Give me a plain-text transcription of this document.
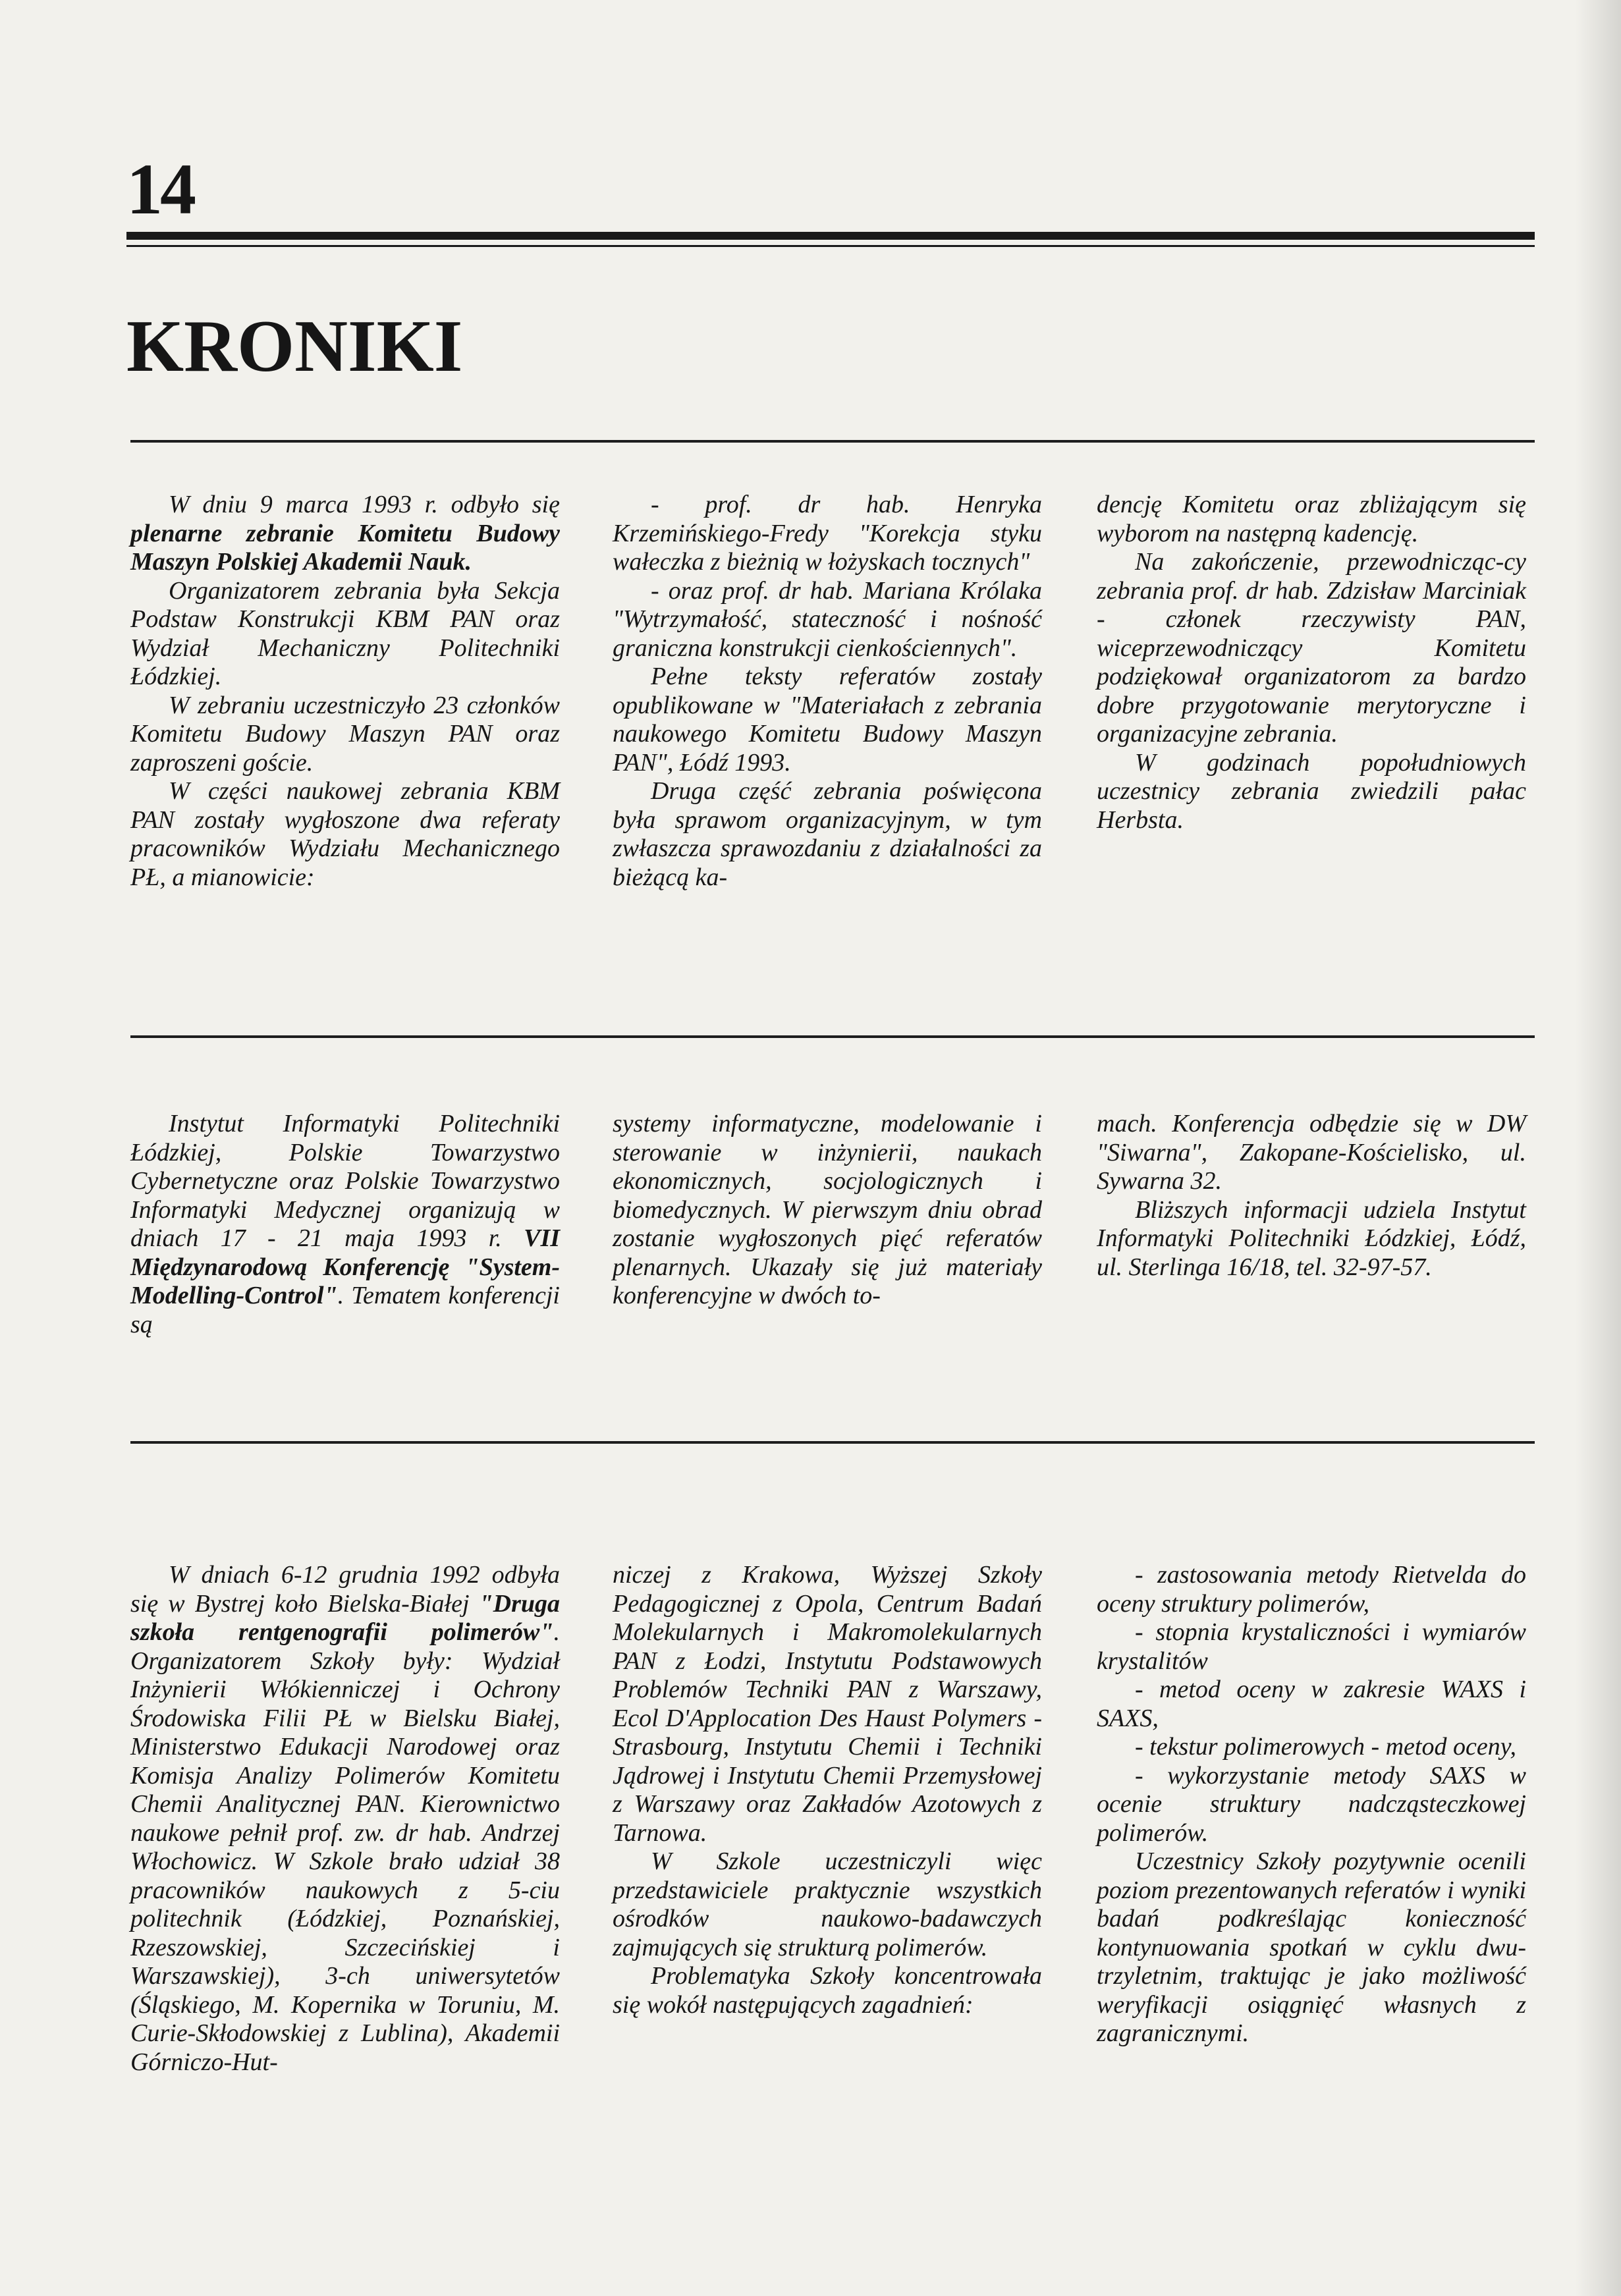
14
KRONIKI

W dniu 9 marca 1993 r. odbyło się plenarne zebranie Komitetu Budowy Maszyn Polskiej Akademii Nauk.

Organizatorem zebrania była Sekcja Podstaw Konstrukcji KBM PAN oraz Wydział Mechaniczny Politechniki Łódzkiej.

W zebraniu uczestniczyło 23 członków Komitetu Budowy Maszyn PAN oraz zaproszeni goście.

W części naukowej zebrania KBM PAN zostały wygłoszone dwa referaty pracowników Wydziału Mechanicznego PŁ, a mianowicie:

- prof. dr hab. Henryka Krzemińskiego-Fredy "Korekcja styku wałeczka z bieżnią w łożyskach tocznych"

- oraz prof. dr hab. Mariana Królaka "Wytrzymałość, stateczność i nośność graniczna konstrukcji cienkościennych".

Pełne teksty referatów zostały opublikowane w "Materiałach z zebrania naukowego Komitetu Budowy Maszyn PAN", Łódź 1993.

Druga część zebrania poświęcona była sprawom organizacyjnym, w tym zwłaszcza sprawozdaniu z działalności za bieżącą ka-

dencję Komitetu oraz zbliżającym się wyborom na następną kadencję.

Na zakończenie, przewodnicząc-cy zebrania prof. dr hab. Zdzisław Marciniak - członek rzeczywisty PAN, wiceprzewodniczący Komitetu podziękował organizatorom za bardzo dobre przygotowanie merytoryczne i organizacyjne zebrania.

W godzinach popołudniowych uczestnicy zebrania zwiedzili pałac Herbsta.

Instytut Informatyki Politechniki Łódzkiej, Polskie Towarzystwo Cybernetyczne oraz Polskie Towarzystwo Informatyki Medycznej organizują w dniach 17 - 21 maja 1993 r. VII Międzynarodową Konferencję "System-Modelling-Control". Tematem konferencji są

systemy informatyczne, modelowanie i sterowanie w inżynierii, naukach ekonomicznych, socjologicznych i biomedycznych. W pierwszym dniu obrad zostanie wygłoszonych pięć referatów plenarnych. Ukazały się już materiały konferencyjne w dwóch to-

mach. Konferencja odbędzie się w DW "Siwarna", Zakopane-Kościelisko, ul. Sywarna 32.

Bliższych informacji udziela Instytut Informatyki Politechniki Łódzkiej, Łódź, ul. Sterlinga 16/18, tel. 32-97-57.

W dniach 6-12 grudnia 1992 odbyła się w Bystrej koło Bielska-Białej "Druga szkoła rentgenografii polimerów". Organizatorem Szkoły były: Wydział Inżynierii Włókienniczej i Ochrony Środowiska Filii PŁ w Bielsku Białej, Ministerstwo Edukacji Narodowej oraz Komisja Analizy Polimerów Komitetu Chemii Analitycznej PAN. Kierownictwo naukowe pełnił prof. zw. dr hab. Andrzej Włochowicz. W Szkole brało udział 38 pracowników naukowych z 5-ciu politechnik (Łódzkiej, Poznańskiej, Rzeszowskiej, Szczecińskiej i Warszawskiej), 3-ch uniwersytetów (Śląskiego, M. Kopernika w Toruniu, M. Curie-Skłodowskiej z Lublina), Akademii Górniczo-Hut-

niczej z Krakowa, Wyższej Szkoły Pedagogicznej z Opola, Centrum Badań Molekularnych i Makromolekularnych PAN z Łodzi, Instytutu Podstawowych Problemów Techniki PAN z Warszawy, Ecol D'Applocation Des Haust Polymers - Strasbourg, Instytutu Chemii i Techniki Jądrowej i Instytutu Chemii Przemysłowej z Warszawy oraz Zakładów Azotowych z Tarnowa.

W Szkole uczestniczyli więc przedstawiciele praktycznie wszystkich ośrodków naukowo-badawczych zajmujących się strukturą polimerów.

Problematyka Szkoły koncentrowała się wokół następujących zagadnień:

- zastosowania metody Rietvelda do oceny struktury polimerów,

- stopnia krystaliczności i wymiarów krystalitów

- metod oceny w zakresie WAXS i SAXS,

- tekstur polimerowych - metod oceny,

- wykorzystanie metody SAXS w ocenie struktury nadcząsteczkowej polimerów.

Uczestnicy Szkoły pozytywnie ocenili poziom prezentowanych referatów i wyniki badań podkreślając konieczność kontynuowania spotkań w cyklu dwu-trzyletnim, traktując je jako możliwość weryfikacji osiągnięć własnych z zagranicznymi.
